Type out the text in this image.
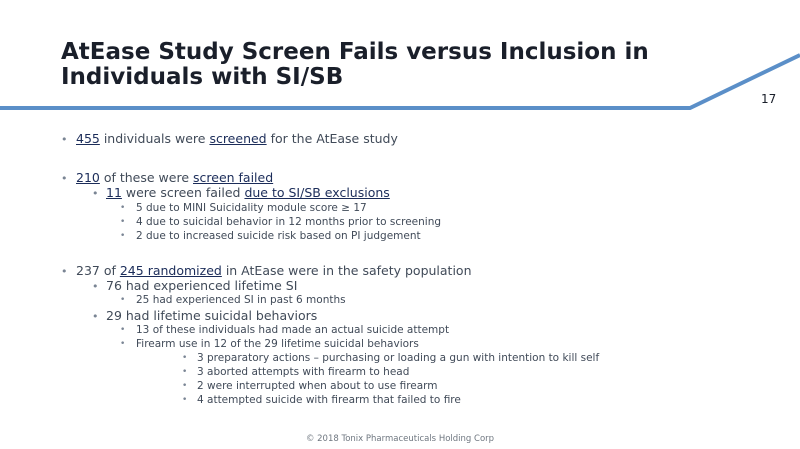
AtEase Study Screen Fails versus Inclusion in
Individuals with SI/SB
17
• 455 individuals were screened for the AtEase study
• 210 of these were screen failed
• 11 were screen failed due to SI/SB exclusions
• 5 due to MINI Suicidality module score ≥ 17
• 4 due to suicidal behavior in 12 months prior to screening
• 2 due to increased suicide risk based on PI judgement
• 237 of 245 randomized in AtEase were in the safety population
• 76 had experienced lifetime SI
• 25 had experienced SI in past 6 months
• 29 had lifetime suicidal behaviors
• 13 of these individuals had made an actual suicide attempt
• Firearm use in 12 of the 29 lifetime suicidal behaviors
• 3 preparatory actions – purchasing or loading a gun with intention to kill self
• 3 aborted attempts with firearm to head
• 2 were interrupted when about to use firearm
• 4 attempted suicide with firearm that failed to fire
© 2018 Tonix Pharmaceuticals Holding Corp
